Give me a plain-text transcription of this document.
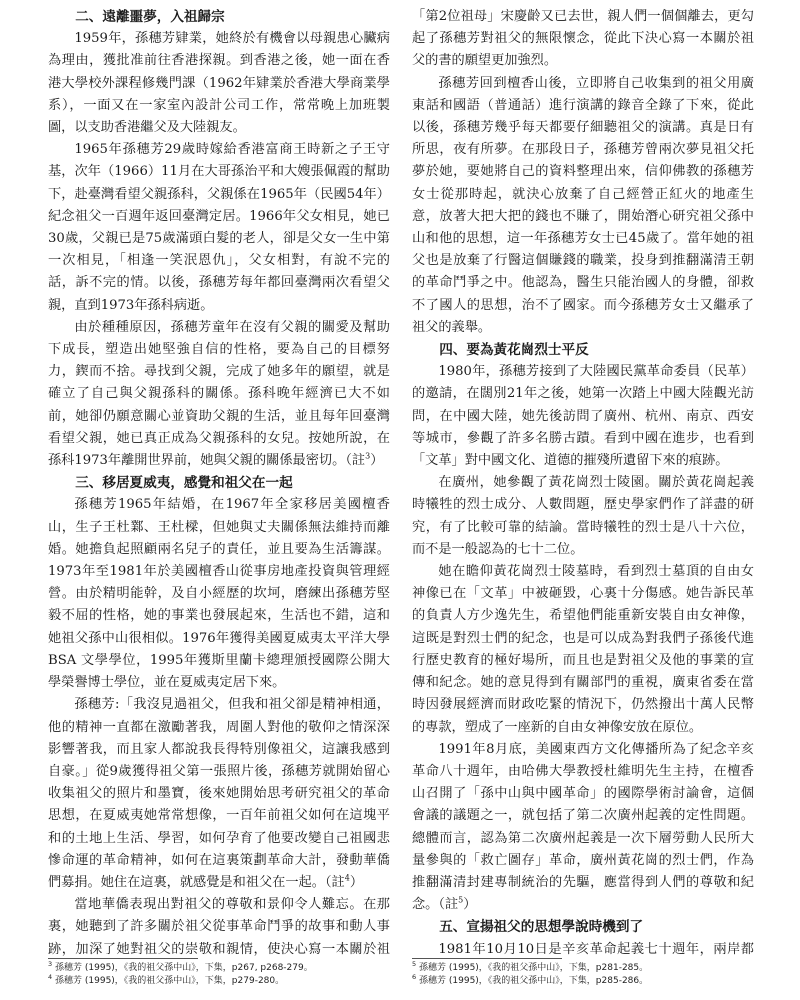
二、遠離噩夢，入祖歸宗

1959年，孫穗芳肄業，她終於有機會以母親患心臟病為理由，獲批准前往香港探親。到香港之後，她一面在香港大學校外課程修幾門課（1962年肄業於香港大學商業學系），一面又在一家室內設計公司工作，常常晚上加班製圖，以支助香港繼父及大陸親友。

1965年孫穗芳29歲時嫁給香港富商王時新之子王守基，次年（1966）11月在大哥孫治平和大嫂張佩霞的幫助下，赴臺灣看望父親孫科，父親係在1965年（民國54年）紀念祖父一百週年返回臺灣定居。1966年父女相見，她已30歲，父親已是75歲滿頭白髮的老人，卻是父女一生中第一次相見，「相逢一笑泯恩仇」，父女相對，有說不完的話，訴不完的情。以後，孫穗芳每年都回臺灣兩次看望父親，直到1973年孫科病逝。

由於種種原因，孫穗芳童年在沒有父親的關愛及幫助下成長，塑造出她堅強自信的性格，要為自己的目標努力，鍥而不捨。尋找到父親，完成了她多年的願望，就是確立了自己與父親孫科的關係。孫科晚年經濟已大不如前，她卻仍願意關心並資助父親的生活，並且每年回臺灣看望父親，她已真正成為父親孫科的女兒。按她所說，在孫科1973年離開世界前，她與父親的關係最密切。（註$^3$）

三、移居夏威夷，感覺和祖父在一起

孫穗芳1965年結婚，在1967年全家移居美國檀香山，生子王杜鄴、王杜樑，但她與丈夫關係無法維持而離婚。她擔負起照顧兩名兒子的責任，並且要為生活籌謀。1973年至1981年於美國檀香山從事房地產投資與管理經營。由於精明能幹，及自小經歷的坎坷，磨練出孫穗芳堅毅不屈的性格，她的事業也發展起來，生活也不錯，這和她祖父孫中山很相似。1976年獲得美國夏威夷太平洋大學 BSA 文學學位，1995年獲斯里蘭卡總理頒授國際公開大學榮譽博士學位，並在夏威夷定居下來。

孫穗芳:「我沒見過祖父，但我和祖父卻是精神相通，他的精神一直都在激勵著我，周圍人對他的敬仰之情深深影響著我，而且家人都說我長得特別像祖父，這讓我感到自豪。」從9歲獲得祖父第一張照片後，孫穗芳就開始留心收集祖父的照片和墨寶，後來她開始思考研究祖父的革命思想，在夏威夷她常常想像，一百年前祖父如何在這塊平和的土地上生活、學習，如何孕育了他要改變自己祖國悲慘命運的革命精神，如何在這裏策劃革命大計，發動華僑們募捐。她住在這裏，就感覺是和祖父在一起。（註$^4$）

當地華僑表現出對祖父的尊敬和景仰令人難忘。在那裏，她聽到了許多關於祖父從事革命鬥爭的故事和動人事跡，加深了她對祖父的崇敬和親情，使決心寫一本關於祖

「第2位祖母」宋慶齡又已去世，親人們一個個離去，更勾起了孫穗芳對祖父的無限懷念，從此下決心寫一本關於祖父的書的願望更加強烈。

孫穗芳回到檀香山後，立即將自己收集到的祖父用廣東話和國語（普通話）進行演講的錄音全錄了下來，從此以後，孫穗芳幾乎每天都要仔細聽祖父的演講。真是日有所思，夜有所夢。在那段日子，孫穗芳曾兩次夢見祖父托夢於她，要她將自己的資料整理出來，信仰佛教的孫穗芳女士從那時起，就決心放棄了自己經營正紅火的地產生意，放著大把大把的錢也不賺了，開始潛心研究祖父孫中山和他的思想，這一年孫穗芳女士已45歲了。當年她的祖父也是放棄了行醫這個賺錢的職業，投身到推翻滿清王朝的革命鬥爭之中。他認為，醫生只能治國人的身體，卻救不了國人的思想，治不了國家。而今孫穗芳女士又繼承了祖父的義舉。

四、要為黃花崗烈士平反

1980年，孫穗芳接到了大陸國民黨革命委員（民革）的邀請，在闊別21年之後，她第一次踏上中國大陸觀光訪問，在中國大陸，她先後訪問了廣州、杭州、南京、西安等城市，參觀了許多名勝古蹟。看到中國在進步，也看到「文革」對中國文化、道德的摧殘所遺留下來的痕跡。

在廣州，她參觀了黃花崗烈士陵園。關於黃花崗起義時犧牲的烈士成分、人數問題，歷史學家們作了詳盡的研究，有了比較可靠的結論。當時犧牲的烈士是八十六位，而不是一般認為的七十二位。

她在瞻仰黃花崗烈士陵墓時，看到烈士墓頂的自由女神像已在「文革」中被砸毀，心裏十分傷感。她告訴民革的負責人方少逸先生，希望他們能重新安裝自由女神像，這既是對烈士們的紀念，也是可以成為對我們子孫後代進行歷史教育的極好場所，而且也是對祖父及他的事業的宣傳和紀念。她的意見得到有關部門的重視，廣東省委在當時因發展經濟而財政吃緊的情況下，仍然撥出十萬人民幣的專款，塑成了一座新的自由女神像安放在原位。

1991年8月底，美國東西方文化傳播所為了紀念辛亥革命八十週年，由哈佛大學教授杜維明先生主持，在檀香山召開了「孫中山與中國革命」的國際學術討論會，這個會議的議題之一，就包括了第二次廣州起義的定性問題。總體而言，認為第二次廣州起義是一次下層勞動人民所大量參與的「救亡圖存」革命，廣州黃花崗的烈士們，作為推翻滿清封建專制統治的先驅，應當得到人們的尊敬和紀念。（註$^5$）

五、宣揚祖父的思想學說時機到了

1981年10月10日是辛亥革命起義七十週年，兩岸都

$^3$ 孫穗芳 (1995)，《我的祖父孫中山》，下集，p267, p268-279。
$^4$ 孫穗芳 (1995)，《我的祖父孫中山》，下集，p279-280。
$^5$ 孫穗芳 (1995)，《我的祖父孫中山》，下集，p281-285。
$^6$ 孫穗芳 (1995)，《我的祖父孫中山》，下集，p285-286。
